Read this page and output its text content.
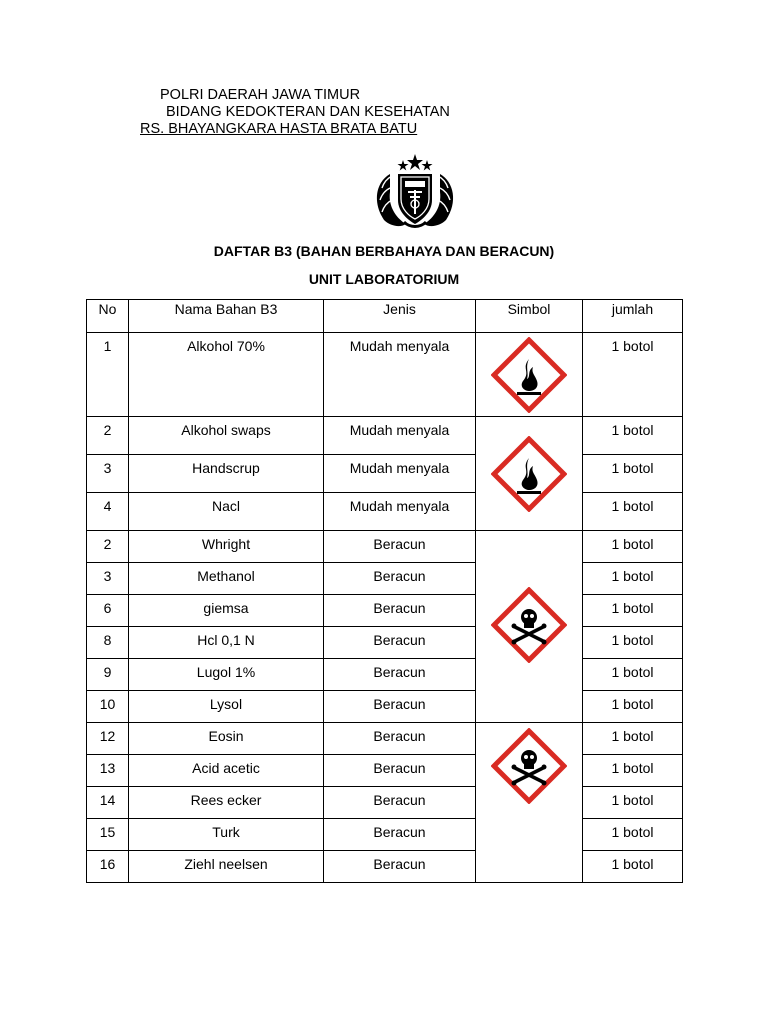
POLRI DAERAH JAWA TIMUR
BIDANG KEDOKTERAN DAN KESEHATAN
RS. BHAYANGKARA HASTA BRATA BATU
DAFTAR B3 (BAHAN BERBAHAYA DAN BERACUN)
UNIT LABORATORIUM
No	Nama Bahan B3	Jenis	Simbol	jumlah
1	Alkohol 70%	Mudah menyala		1 botol
2	Alkohol swaps	Mudah menyala		1 botol
3	Handscrup	Mudah menyala		1 botol
4	Nacl	Mudah menyala		1 botol
2	Whright	Beracun		1 botol
3	Methanol	Beracun		1 botol
6	giemsa	Beracun		1 botol
8	Hcl 0,1 N	Beracun		1 botol
9	Lugol 1%	Beracun		1 botol
10	Lysol	Beracun		1 botol
12	Eosin	Beracun		1 botol
13	Acid acetic	Beracun		1 botol
14	Rees ecker	Beracun		1 botol
15	Turk	Beracun		1 botol
16	Ziehl neelsen	Beracun		1 botol
